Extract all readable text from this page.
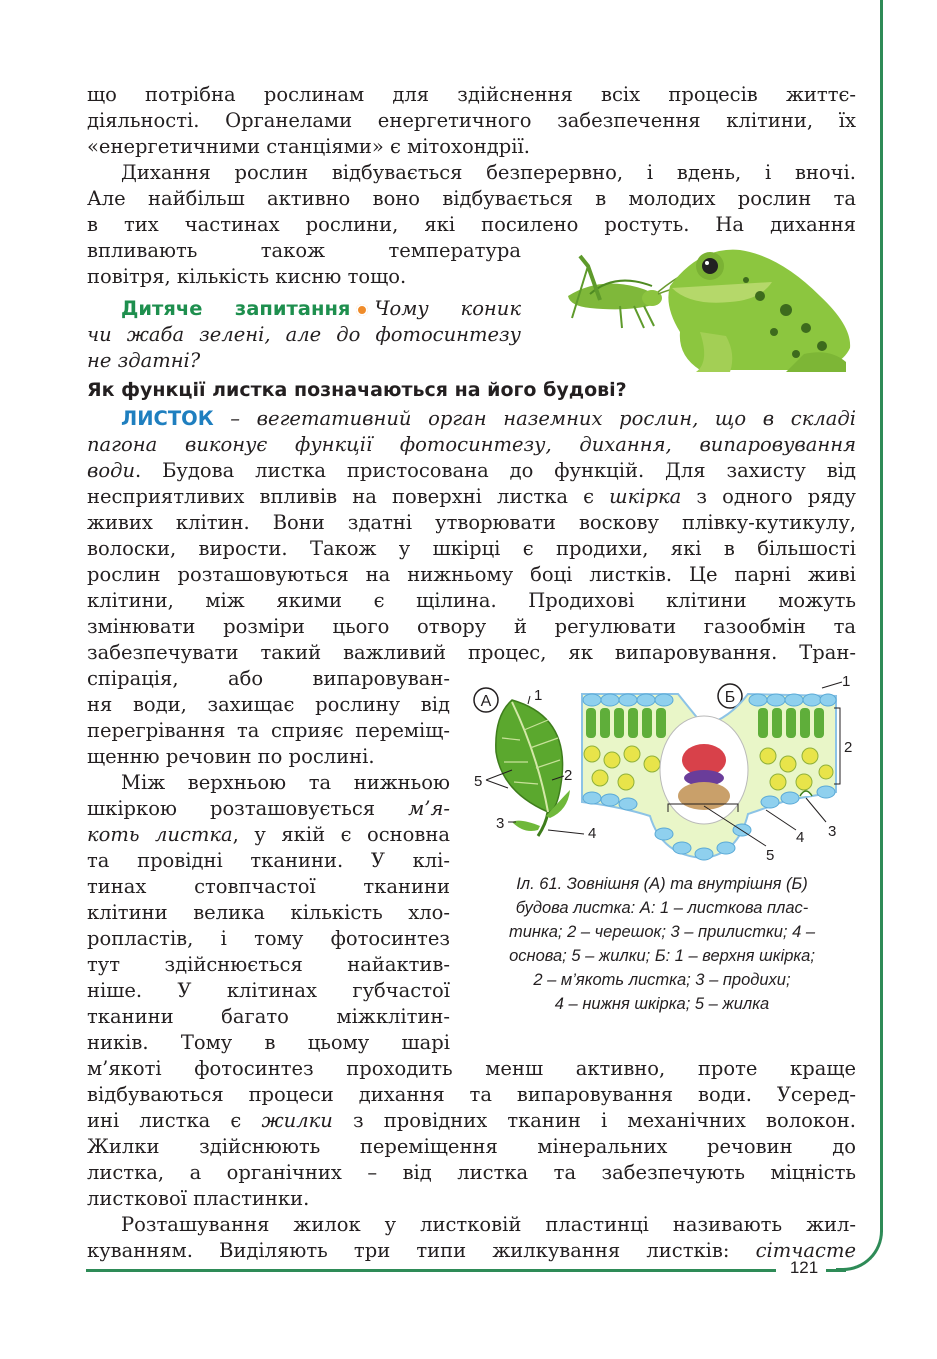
121
що потрібна рослинам для здійснення всіх процесів життє-
діяльності. Органелами енергетичного забезпечення клітини, їх
«енергетичними станціями» є мітохондрії.
Дихання рослин відбувається безперервно, і вдень, і вночі.
Але найбільш активно воно відбувається в молодих рослин та
в тих частинах рослини, які посилено ростуть. На дихання
впливають також температура
повітря, кількість кисню тощо.
Дитяче запитання Чому коник
чи жаба зелені, але до фотосинтезу
не здатні?
Як функції листка позначаються на його будові?
ЛИСТОК – вегетативний орган наземних рослин, що в складі
пагона виконує функції фотосинтезу, дихання, випаровування
води. Будова листка пристосована до функцій. Для захисту від
несприятливих впливів на поверхні листка є шкірка з одного ряду
живих клітин. Вони здатні утворювати воскову плівку-кутикулу,
волоски, вирости. Також у шкірці є продихи, які в більшості
рослин розташовуються на нижньому боці листків. Це парні живі
клітини, між якими є щілина. Продихові клітини можуть
змінювати розміри цього отвору й регулювати газообмін та
забезпечувати такий важливий процес, як випаровування. Тран-
спірація, або випаровуван-
ня води, захищає рослину від
перегрівання та сприяє переміщ-
щенню речовин по рослині.
Між верхньою та нижньою
шкіркою розташовується м’я-
коть листка, у якій є основна
та провідні тканини. У клі-
тинах стовпчастої тканини
клітини велика кількість хло-
ропластів, і тому фотосинтез
тут здійснюється найактив-
ніше. У клітинах губчастої
тканини багато міжклітин-
ників. Тому в цьому шарі
А	1
2
3
4
5
Б
1
2
3
4
5
Іл. 61. Зовнішня (А) та внутрішня (Б)
будова листка: А: 1 – листкова плас-
тинка; 2 – черешок; 3 – прилистки; 4 –
основа; 5 – жилки; Б: 1 – верхня шкірка;
2 – м’якоть листка; 3 – продихи;
4 – нижня шкірка; 5 – жилка
м’якоті фотосинтез проходить менш активно, проте краще
відбуваються процеси дихання та випаровування води. Усеред-
ині листка є жилки з провідних тканин і механічних волокон.
Жилки здійснюють переміщення мінеральних речовин до
листка, а органічних – від листка та забезпечують міцність
листкової пластинки.
Розташування жилок у листковій пластинці називають жил-
куванням. Виділяють три типи жилкування листків: сітчасте
